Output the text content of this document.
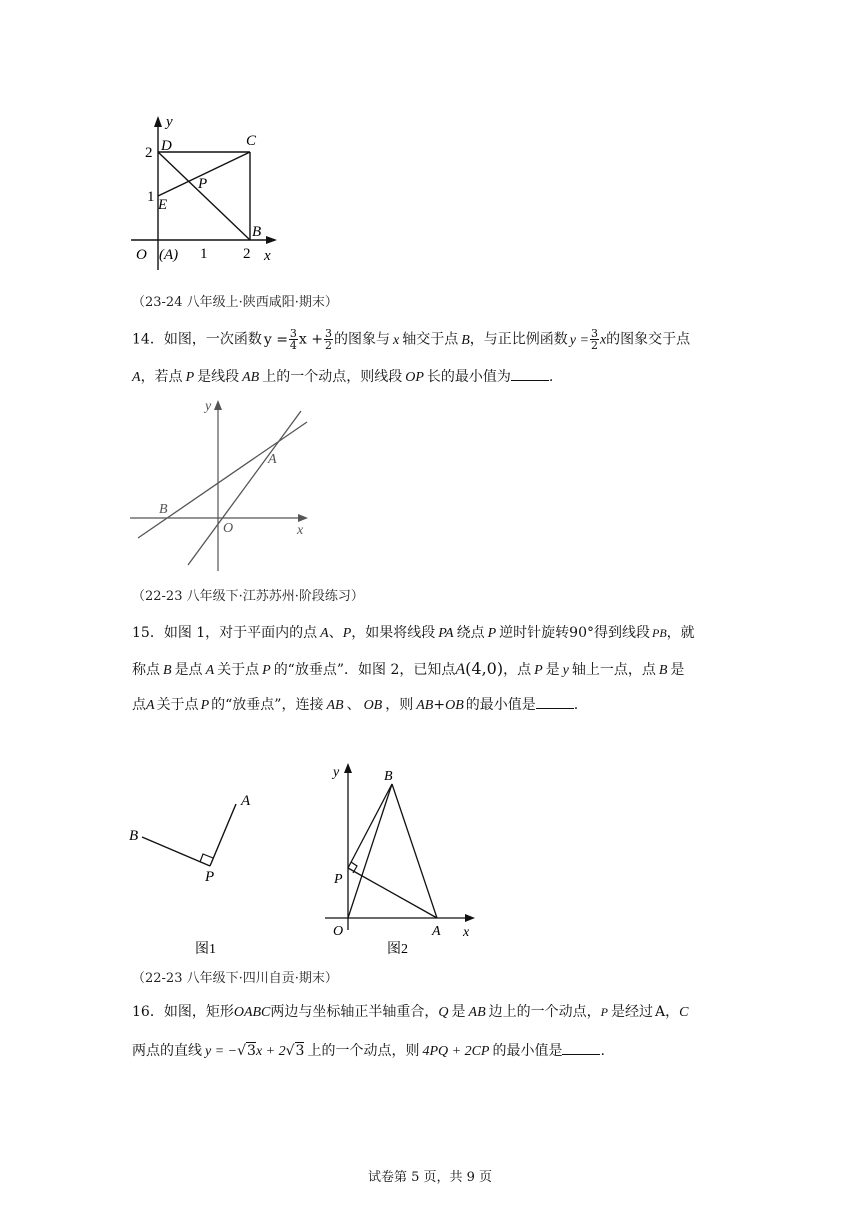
y
2 D	C
P
1 E
B
O (A) 1 2 x
（23-24 八年级上·陕西咸阳·期末）
14．如图，一次函数 $y = \frac{3}{4}$ $x + \frac{3}{2}$ 的图象与 x 轴交于点 B，与正比例函数 $y = \frac{3}{2}$ x的图象交于点
A，若点 P 是线段 AB 上的一个动点，则线段 OP 长的最小值为	.
y
A
B
O	x
（22-23 八年级下·江苏苏州·阶段练习）
15．如图 1，对于平面内的点 A、P，如果将线段 PA 绕点 P 逆时针旋转90°得到线段 PB，就
称点 B 是点 A 关于点 P 的“放垂点”．如图 2，已知点A(4,0)，点 P 是 y 轴上一点，点 B 是
点A 关于点 P 的“放垂点”，连接 AB 、 OB ，则 AB+OB 的最小值是	.
B
A
P
图1
y	B
P
O	A x
图2
（22-23 八年级下·四川自贡·期末）
16．如图，矩形OABC两边与坐标轴正半轴重合，Q 是 AB 边上的一个动点，P 是经过 A，C
两点的直线 y = −√3x + 2√3 上的一个动点，则 4PQ + 2CP 的最小值是	.
试卷第 5 页，共 9 页
